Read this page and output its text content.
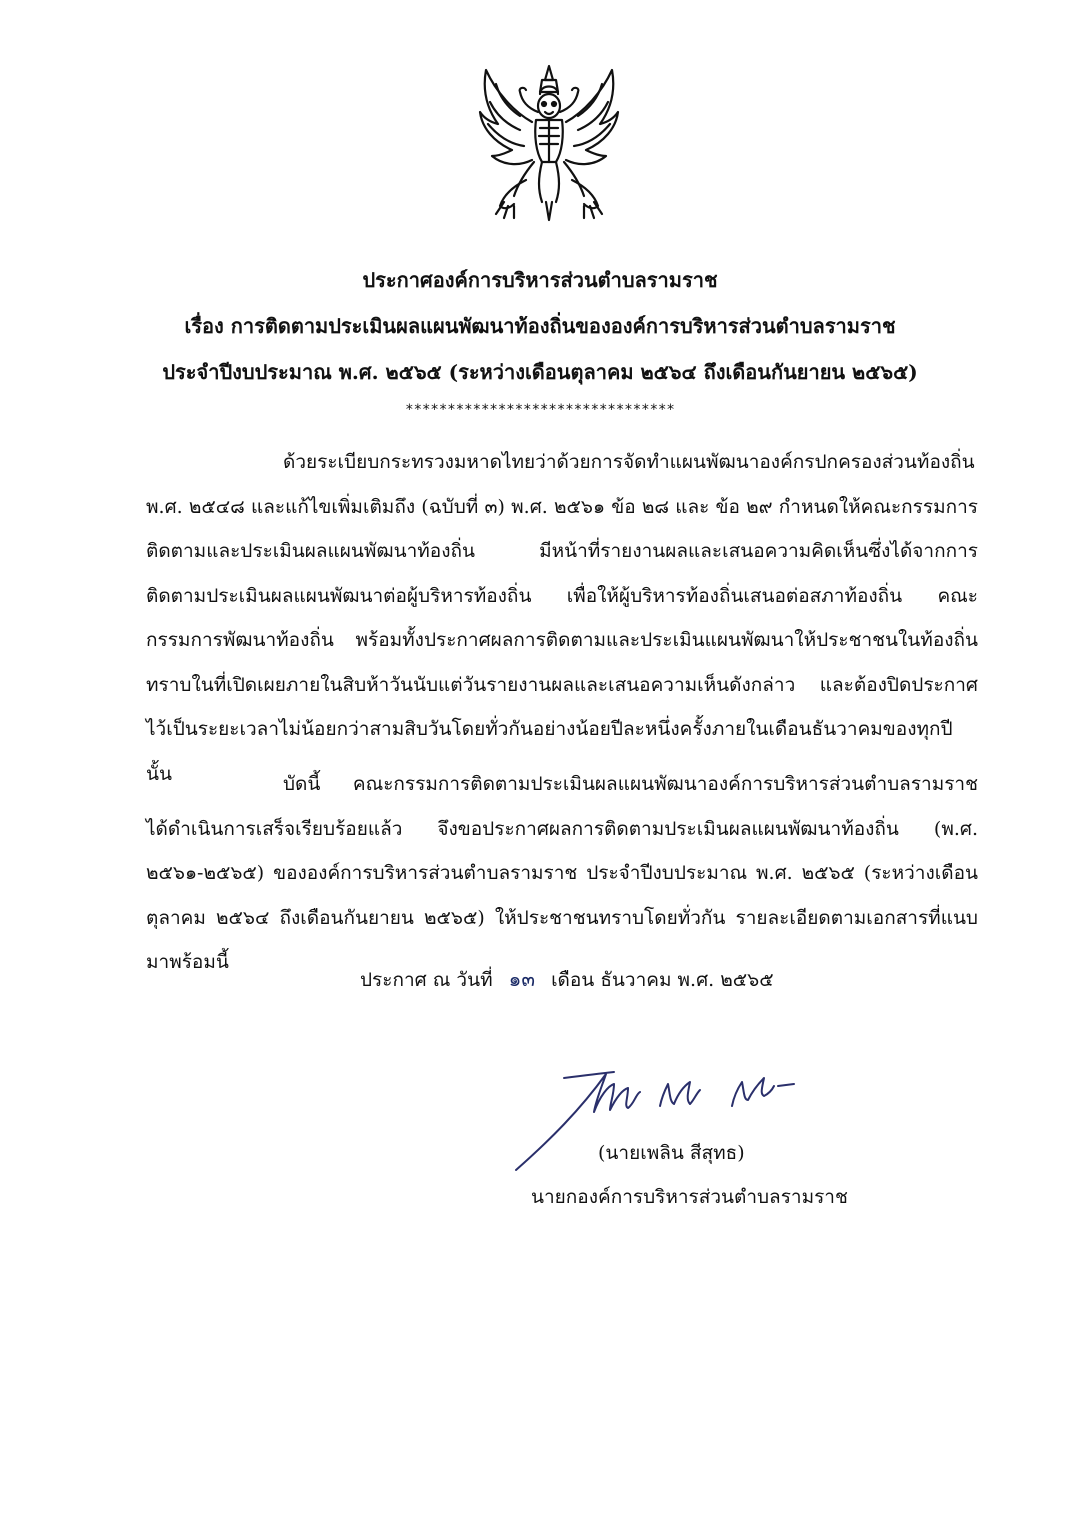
ประกาศองค์การบริหารส่วนตำบลรามราช
เรื่อง การติดตามประเมินผลแผนพัฒนาท้องถิ่นขององค์การบริหารส่วนตำบลรามราช
ประจำปีงบประมาณ พ.ศ. ๒๕๖๕ (ระหว่างเดือนตุลาคม ๒๕๖๔ ถึงเดือนกันยายน ๒๕๖๕)
********************************

ด้วยระเบียบกระทรวงมหาดไทยว่าด้วยการจัดทำแผนพัฒนาองค์กรปกครองส่วนท้องถิ่น พ.ศ. ๒๕๔๘ และแก้ไขเพิ่มเติมถึง (ฉบับที่ ๓) พ.ศ. ๒๕๖๑ ข้อ ๒๘ และ ข้อ ๒๙ กำหนดให้คณะกรรมการติดตามและประเมินผลแผนพัฒนาท้องถิ่น มีหน้าที่รายงานผลและเสนอความคิดเห็นซึ่งได้จากการติดตามประเมินผลแผนพัฒนาต่อผู้บริหารท้องถิ่น เพื่อให้ผู้บริหารท้องถิ่นเสนอต่อสภาท้องถิ่น คณะกรรมการพัฒนาท้องถิ่น พร้อมทั้งประกาศผลการติดตามและประเมินแผนพัฒนาให้ประชาชนในท้องถิ่นทราบในที่เปิดเผยภายในสิบห้าวันนับแต่วันรายงานผลและเสนอความเห็นดังกล่าว และต้องปิดประกาศไว้เป็นระยะเวลาไม่น้อยกว่าสามสิบวันโดยทั่วกันอย่างน้อยปีละหนึ่งครั้งภายในเดือนธันวาคมของทุกปี นั้น	บัดนี้ คณะกรรมการติดตามประเมินผลแผนพัฒนาองค์การบริหารส่วนตำบลรามราช ได้ดำเนินการเสร็จเรียบร้อยแล้ว จึงขอประกาศผลการติดตามประเมินผลแผนพัฒนาท้องถิ่น (พ.ศ. ๒๕๖๑-๒๕๖๕) ขององค์การบริหารส่วนตำบลรามราช ประจำปีงบประมาณ พ.ศ. ๒๕๖๕ (ระหว่างเดือนตุลาคม ๒๕๖๔ ถึงเดือนกันยายน ๒๕๖๕) ให้ประชาชนทราบโดยทั่วกัน รายละเอียดตามเอกสารที่แนบมาพร้อมนี้

ประกาศ ณ วันที่ ๑๓ เดือน ธันวาคม พ.ศ. ๒๕๖๕
(นายเพลิน สีสุทธ)
นายกองค์การบริหารส่วนตำบลรามราช
